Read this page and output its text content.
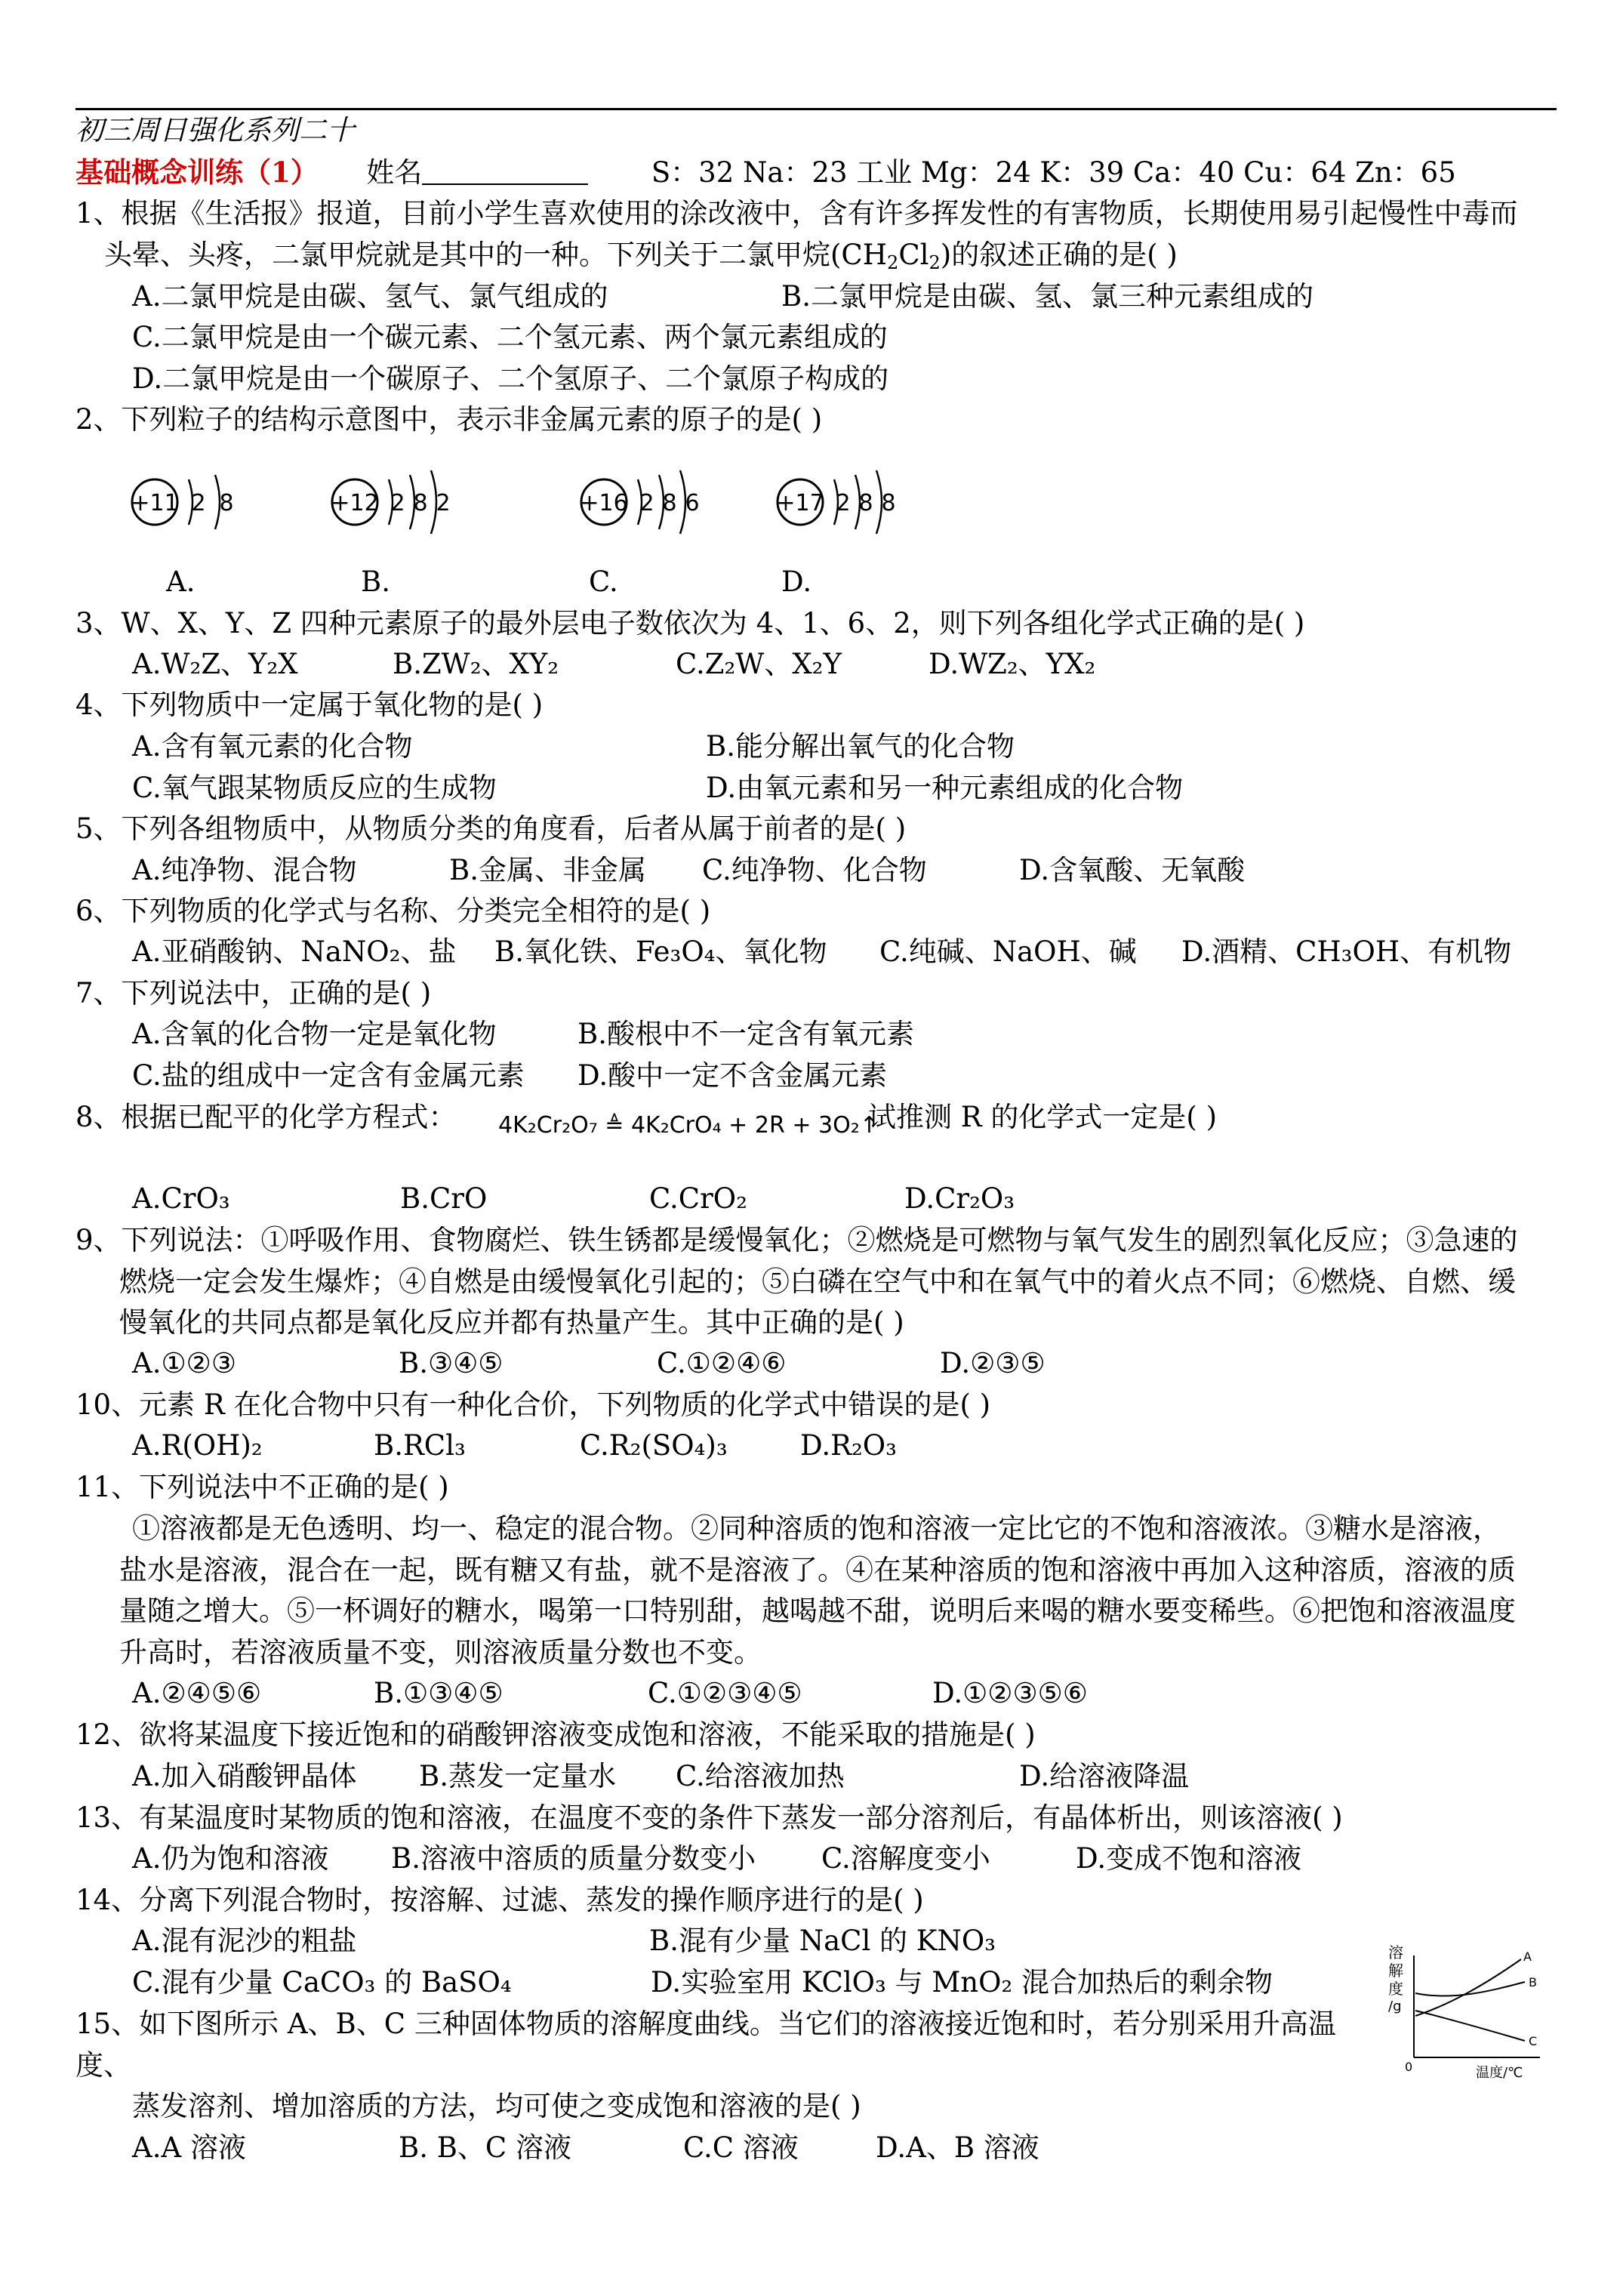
初三周日强化系列二十
基础概念训练（1） 姓名	S：32 Na：23 工业 Mg：24 K：39 Ca：40 Cu：64 Zn：65
1、根据《生活报》报道，目前小学生喜欢使用的涂改液中，含有许多挥发性的有害物质，长期使用易引起慢性中毒而
头晕、头疼，二氯甲烷就是其中的一种。下列关于二氯甲烷$(CH_2Cl_2)$的叙述正确的是( )
A.二氯甲烷是由碳、氢气、氯气组成的	B.二氯甲烷是由碳、氢、氯三种元素组成的
C.二氯甲烷是由一个碳元素、二个氢元素、两个氯元素组成的
D.二氯甲烷是由一个碳原子、二个氢原子、二个氯原子构成的
2、下列粒子的结构示意图中，表示非金属元素的原子的是( )
+11 2 8	+12 2 8 2	+16 2 8 6	+17 2 8 8
A.	B.	C.	D.
3、W、X、Y、Z 四种元素原子的最外层电子数依次为 4、1、6、2，则下列各组化学式正确的是( )
A.W₂Z、Y₂X	B.ZW₂、XY₂	C.Z₂W、X₂Y	D.WZ₂、YX₂
4、下列物质中一定属于氧化物的是( )
A.含有氧元素的化合物	B.能分解出氧气的化合物
C.氧气跟某物质反应的生成物	D.由氧元素和另一种元素组成的化合物
5、下列各组物质中，从物质分类的角度看，后者从属于前者的是( )
A.纯净物、混合物	B.金属、非金属 C.纯净物、化合物	D.含氧酸、无氧酸
6、下列物质的化学式与名称、分类完全相符的是( )
A.亚硝酸钠、NaNO₂、盐 B.氧化铁、Fe₃O₄、氧化物 C.纯碱、NaOH、碱 D.酒精、CH₃OH、有机物
7、下列说法中，正确的是( )
A.含氧的化合物一定是氧化物	B.酸根中不一定含有氧元素
C.盐的组成中一定含有金属元素 D.酸中一定不含金属元素
8、根据已配平的化学方程式： 4K₂Cr₂O₇ ≜ 4K₂CrO₄ + 2R + 3O₂↑
试推测 R 的化学式一定是( )
A.CrO₃	B.CrO	C.CrO₂	D.Cr₂O₃
9、下列说法：①呼吸作用、食物腐烂、铁生锈都是缓慢氧化；②燃烧是可燃物与氧气发生的剧烈氧化反应；③急速的
燃烧一定会发生爆炸；④自燃是由缓慢氧化引起的；⑤白磷在空气中和在氧气中的着火点不同；⑥燃烧、自燃、缓
慢氧化的共同点都是氧化反应并都有热量产生。其中正确的是( )
A.①②③	B.③④⑤	C.①②④⑥	D.②③⑤
10、元素 R 在化合物中只有一种化合价，下列物质的化学式中错误的是( )
A.R(OH)₂	B.RCl₃	C.R₂(SO₄)₃	D.R₂O₃
11、下列说法中不正确的是( )
①溶液都是无色透明、均一、稳定的混合物。②同种溶质的饱和溶液一定比它的不饱和溶液浓。③糖水是溶液，
盐水是溶液，混合在一起，既有糖又有盐，就不是溶液了。④在某种溶质的饱和溶液中再加入这种溶质，溶液的质
量随之增大。⑤一杯调好的糖水，喝第一口特别甜，越喝越不甜，说明后来喝的糖水要变稀些。⑥把饱和溶液温度
升高时，若溶液质量不变，则溶液质量分数也不变。
A.②④⑤⑥	B.①③④⑤	C.①②③④⑤	D.①②③⑤⑥
12、欲将某温度下接近饱和的硝酸钾溶液变成饱和溶液，不能采取的措施是( )
A.加入硝酸钾晶体 B.蒸发一定量水 C.给溶液加热	D.给溶液降温
13、有某温度时某物质的饱和溶液，在温度不变的条件下蒸发一部分溶剂后，有晶体析出，则该溶液( )
A.仍为饱和溶液 B.溶液中溶质的质量分数变小 C.溶解度变小	D.变成不饱和溶液
14、分离下列混合物时，按溶解、过滤、蒸发的操作顺序进行的是( )
A.混有泥沙的粗盐	B.混有少量 NaCl 的 KNO₃
C.混有少量 CaCO₃ 的 BaSO₄	D.实验室用 KClO₃ 与 MnO₂ 混合加热后的剩余物
15、如下图所示 A、B、C 三种固体物质的溶解度曲线。当它们的溶液接近饱和时，若分别采用升高温
度、
蒸发溶剂、增加溶质的方法，均可使之变成饱和溶液的是( )
A.A 溶液	B. B、C 溶液	C.C 溶液	D.A、B 溶液
溶
解
度
/g
0	温度/℃
A
B
C
